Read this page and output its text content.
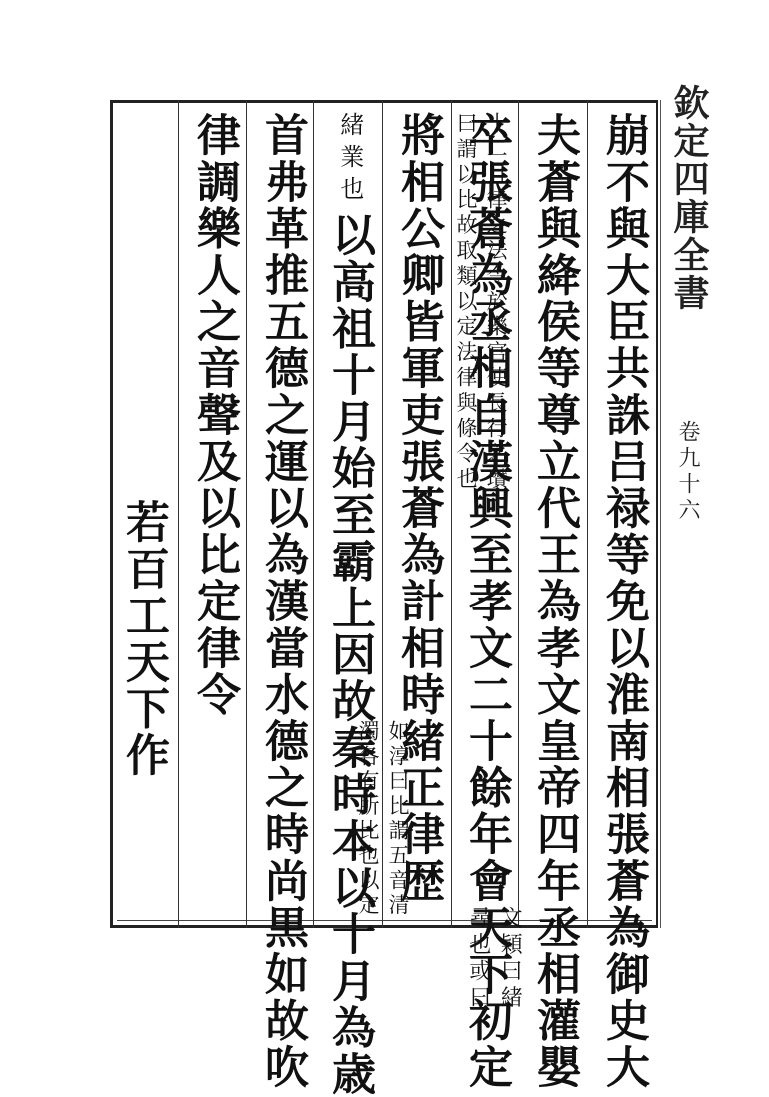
欽定四庫全書
卷九十六
崩不與大臣共誅吕禄等免以淮南相張蒼為御史大
夫蒼與絳侯等尊立代王為孝文皇帝四年丞相灌嬰
卒張蒼為丞相自漢興至孝文二十餘年會天下初定
將相公卿皆軍吏張蒼為計相時緒正律歴
文穎曰緒
尋也或曰
緒業也
以高祖十月始至霸上因故秦時本以十月為歳
首弗革推五德之運以為漢當水德之時尚黒如故吹
律調樂人之音聲及以比定律令
如淳曰比謂五音清
濁各有所比也以定
十二月律之法令於樂官使長行之瓚
曰謂以比故取類以定法律與條令也
若百工天下作
